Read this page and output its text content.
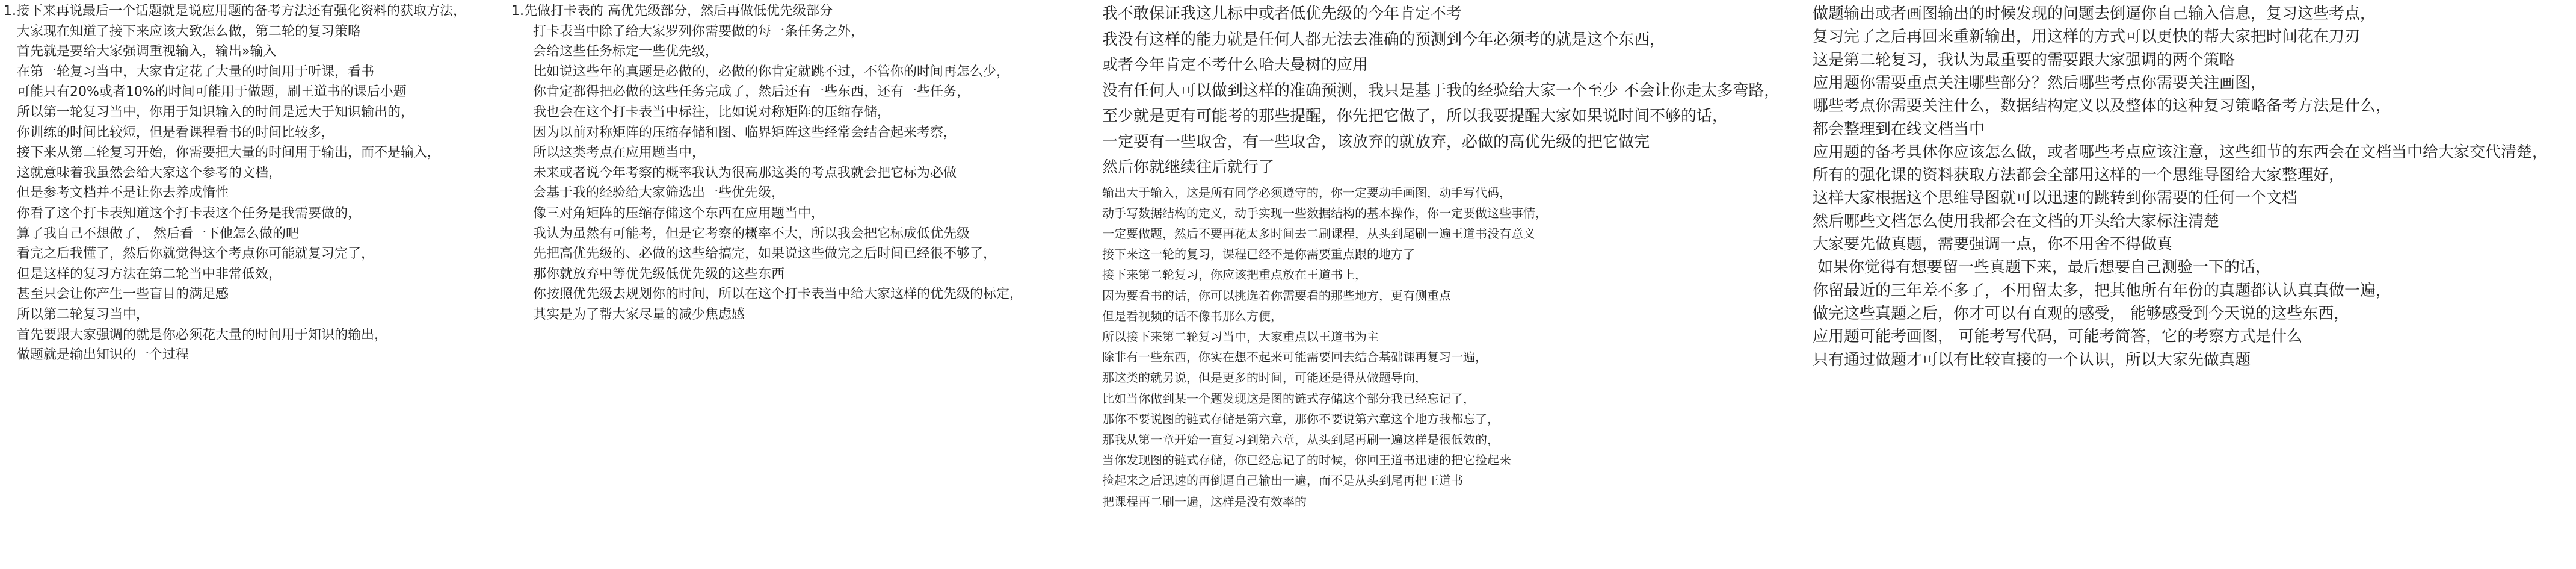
1.接下来再说最后一个话题就是说应用题的备考方法还有强化资料的获取方法，
大家现在知道了接下来应该大致怎么做，第二轮的复习策略
首先就是要给大家强调重视输入，输出»输入
在第一轮复习当中，大家肯定花了大量的时间用于听课，看书
可能只有20%或者10%的时间可能用于做题，刷王道书的课后小题
所以第一轮复习当中，你用于知识输入的时间是远大于知识输出的，
你训练的时间比较短，但是看课程看书的时间比较多，
接下来从第二轮复习开始，你需要把大量的时间用于输出，而不是输入，
这就意味着我虽然会给大家这个参考的文档，
但是参考文档并不是让你去养成惰性
你看了这个打卡表知道这个打卡表这个任务是我需要做的，
算了我自己不想做了， 然后看一下他怎么做的吧
看完之后我懂了，然后你就觉得这个考点你可能就复习完了，
但是这样的复习方法在第二轮当中非常低效，
甚至只会让你产生一些盲目的满足感
所以第二轮复习当中，
首先要跟大家强调的就是你必须花大量的时间用于知识的输出，
做题就是输出知识的一个过程
1.先做打卡表的 高优先级部分，然后再做低优先级部分
打卡表当中除了给大家罗列你需要做的每一条任务之外，
会给这些任务标定一些优先级，
比如说这些年的真题是必做的，必做的你肯定就跳不过，不管你的时间再怎么少，
你肯定都得把必做的这些任务完成了，然后还有一些东西，还有一些任务，
我也会在这个打卡表当中标注，比如说对称矩阵的压缩存储，
因为以前对称矩阵的压缩存储和图、临界矩阵这些经常会结合起来考察，
所以这类考点在应用题当中，
未来或者说今年考察的概率我认为很高那这类的考点我就会把它标为必做
会基于我的经验给大家筛选出一些优先级，
像三对角矩阵的压缩存储这个东西在应用题当中，
我认为虽然有可能考，但是它考察的概率不大，所以我会把它标成低优先级
先把高优先级的、必做的这些给搞完，如果说这些做完之后时间已经很不够了，
那你就放弃中等优先级低优先级的这些东西
你按照优先级去规划你的时间，所以在这个打卡表当中给大家这样的优先级的标定，
其实是为了帮大家尽量的减少焦虑感
我不敢保证我这儿标中或者低优先级的今年肯定不考
我没有这样的能力就是任何人都无法去准确的预测到今年必须考的就是这个东西，
或者今年肯定不考什么哈夫曼树的应用
没有任何人可以做到这样的准确预测，我只是基于我的经验给大家一个至少 不会让你走太多弯路，
至少就是更有可能考的那些提醒，你先把它做了，所以我要提醒大家如果说时间不够的话，
一定要有一些取舍，有一些取舍，该放弃的就放弃，必做的高优先级的把它做完
然后你就继续往后就行了
输出大于输入，这是所有同学必须遵守的，你一定要动手画图，动手写代码，
动手写数据结构的定义，动手实现一些数据结构的基本操作，你一定要做这些事情，
一定要做题，然后不要再花太多时间去二刷课程，从头到尾刷一遍王道书没有意义
接下来这一轮的复习，课程已经不是你需要重点跟的地方了
接下来第二轮复习，你应该把重点放在王道书上，
因为要看书的话，你可以挑选着你需要看的那些地方，更有侧重点
但是看视频的话不像书那么方便，
所以接下来第二轮复习当中，大家重点以王道书为主
除非有一些东西，你实在想不起来可能需要回去结合基础课再复习一遍，
那这类的就另说，但是更多的时间，可能还是得从做题导向，
比如当你做到某一个题发现这是图的链式存储这个部分我已经忘记了，
那你不要说图的链式存储是第六章，那你不要说第六章这个地方我都忘了，
那我从第一章开始一直复习到第六章，从头到尾再刷一遍这样是很低效的，
当你发现图的链式存储，你已经忘记了的时候，你回王道书迅速的把它捡起来
捡起来之后迅速的再倒逼自己输出一遍，而不是从头到尾再把王道书
把课程再二刷一遍，这样是没有效率的
做题输出或者画图输出的时候发现的问题去倒逼你自己输入信息，复习这些考点，
复习完了之后再回来重新输出，用这样的方式可以更快的帮大家把时间花在刀刃
这是第二轮复习，我认为最重要的需要跟大家强调的两个策略
应用题你需要重点关注哪些部分？然后哪些考点你需要关注画图，
哪些考点你需要关注什么，数据结构定义以及整体的这种复习策略备考方法是什么，
都会整理到在线文档当中
应用题的备考具体你应该怎么做，或者哪些考点应该注意，这些细节的东西会在文档当中给大家交代清楚，
所有的强化课的资料获取方法都会全部用这样的一个思维导图给大家整理好，
这样大家根据这个思维导图就可以迅速的跳转到你需要的任何一个文档
然后哪些文档怎么使用我都会在文档的开头给大家标注清楚
大家要先做真题，需要强调一点，你不用舍不得做真
如果你觉得有想要留一些真题下来，最后想要自己测验一下的话，
你留最近的三年差不多了，不用留太多，把其他所有年份的真题都认认真真做一遍，
做完这些真题之后，你才可以有直观的感受， 能够感受到今天说的这些东西，
应用题可能考画图， 可能考写代码，可能考简答，它的考察方式是什么
只有通过做题才可以有比较直接的一个认识，所以大家先做真题
